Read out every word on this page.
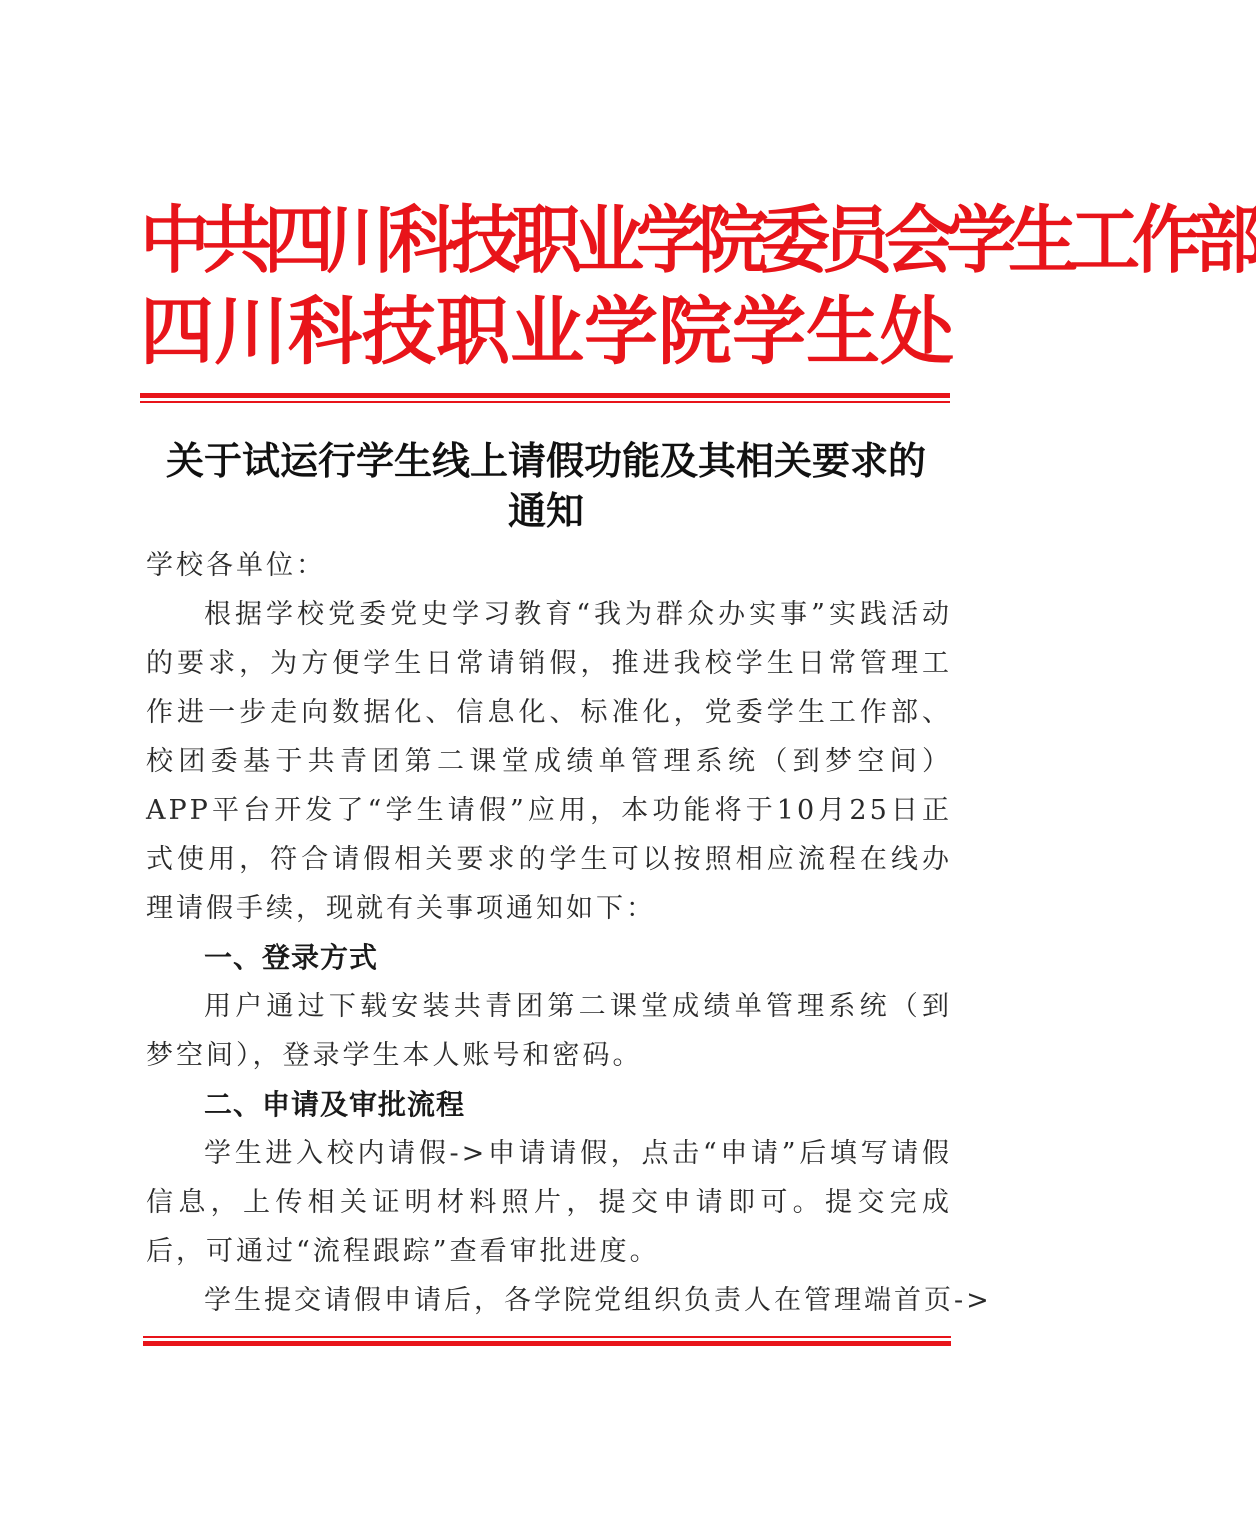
中共四川科技职业学院委员会学生工作部
四川科技职业学院学生处
关于试运行学生线上请假功能及其相关要求的
通知
学校各单位：
根据学校党委党史学习教育“我为群众办实事”实践活动的要求，为方便学生日常请销假，推进我校学生日常管理工作进一步走向数据化、信息化、标准化，党委学生工作部、校团委基于共青团第二课堂成绩单管理系统（到梦空间）APP平台开发了“学生请假”应用，本功能将于10月25日正式使用，符合请假相关要求的学生可以按照相应流程在线办理请假手续，现就有关事项通知如下：
一、登录方式
用户通过下载安装共青团第二课堂成绩单管理系统（到梦空间），登录学生本人账号和密码。
二、申请及审批流程
学生进入校内请假->申请请假，点击“申请”后填写请假信息，上传相关证明材料照片，提交申请即可。提交完成后，可通过“流程跟踪”查看审批进度。
学生提交请假申请后，各学院党组织负责人在管理端首页->
